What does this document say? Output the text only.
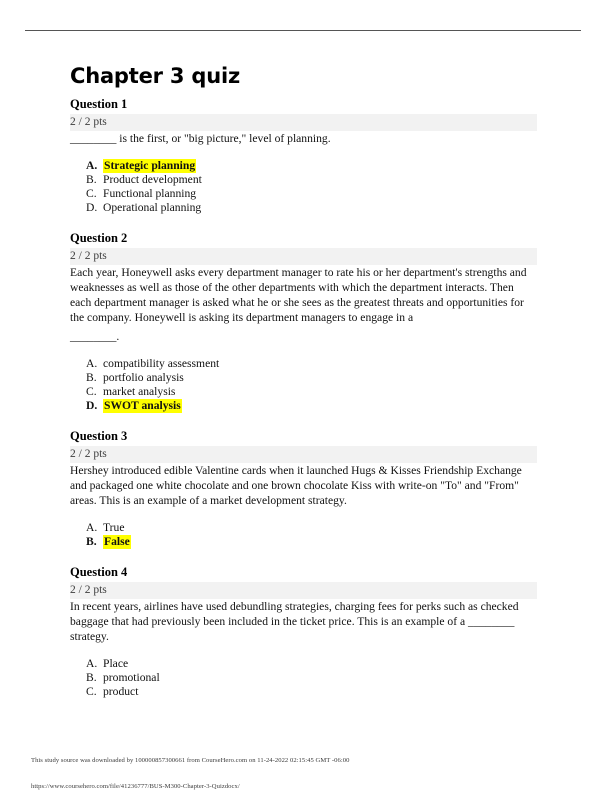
Chapter 3 quiz
Question 1
2 / 2 pts
________ is the first, or "big picture," level of planning.
A. Strategic planning
B. Product development
C. Functional planning
D. Operational planning
Question 2
2 / 2 pts
Each year, Honeywell asks every department manager to rate his or her department's strengths and weaknesses as well as those of the other departments with which the department interacts. Then each department manager is asked what he or she sees as the greatest threats and opportunities for the company. Honeywell is asking its department managers to engage in a
________.
A. compatibility assessment
B. portfolio analysis
C. market analysis
D. SWOT analysis
Question 3
2 / 2 pts
Hershey introduced edible Valentine cards when it launched Hugs & Kisses Friendship Exchange and packaged one white chocolate and one brown chocolate Kiss with write-on "To" and "From" areas. This is an example of a market development strategy.
A. True
B. False
Question 4
2 / 2 pts
In recent years, airlines have used debundling strategies, charging fees for perks such as checked baggage that had previously been included in the ticket price. This is an example of a ________ strategy.
A. Place
B. promotional
C. product
This study source was downloaded by 100000857300661 from CourseHero.com on 11-24-2022 02:15:45 GMT -06:00
https://www.coursehero.com/file/41236777/BUS-M300-Chapter-3-Quizdocx/
